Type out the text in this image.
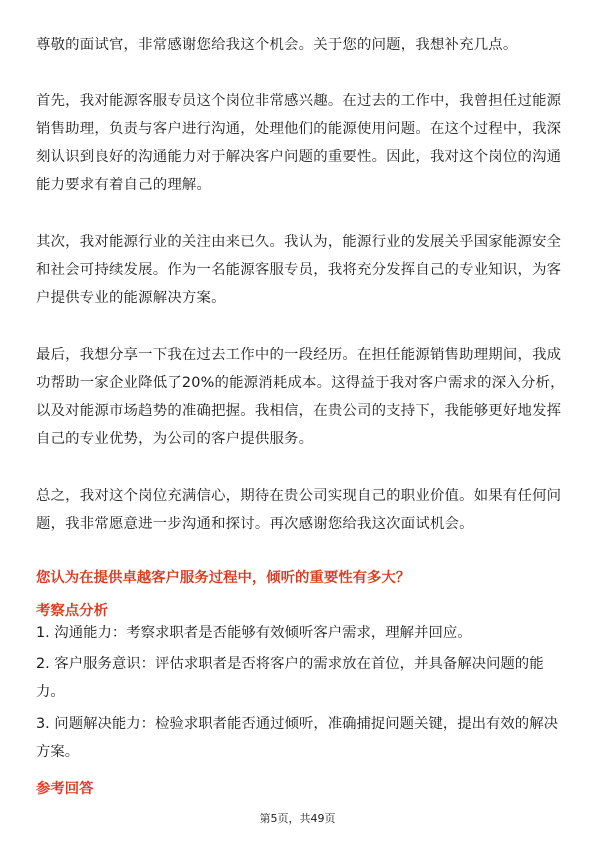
尊敬的面试官，非常感谢您给我这个机会。关于您的问题，我想补充几点。
首先，我对能源客服专员这个岗位非常感兴趣。在过去的工作中，我曾担任过能源
销售助理，负责与客户进行沟通，处理他们的能源使用问题。在这个过程中，我深
刻认识到良好的沟通能力对于解决客户问题的重要性。因此，我对这个岗位的沟通
能力要求有着自己的理解。
其次，我对能源行业的关注由来已久。我认为，能源行业的发展关乎国家能源安全
和社会可持续发展。作为一名能源客服专员，我将充分发挥自己的专业知识，为客
户提供专业的能源解决方案。
最后，我想分享一下我在过去工作中的一段经历。在担任能源销售助理期间，我成
功帮助一家企业降低了20%的能源消耗成本。这得益于我对客户需求的深入分析，
以及对能源市场趋势的准确把握。我相信，在贵公司的支持下，我能够更好地发挥
自己的专业优势，为公司的客户提供服务。
总之，我对这个岗位充满信心，期待在贵公司实现自己的职业价值。如果有任何问
题，我非常愿意进一步沟通和探讨。再次感谢您给我这次面试机会。
您认为在提供卓越客户服务过程中，倾听的重要性有多大？
考察点分析
1. 沟通能力：考察求职者是否能够有效倾听客户需求，理解并回应。
2. 客户服务意识：评估求职者是否将客户的需求放在首位，并具备解决问题的能
力。
3. 问题解决能力：检验求职者能否通过倾听，准确捕捉问题关键，提出有效的解决
方案。
参考回答
第5页，共49页
